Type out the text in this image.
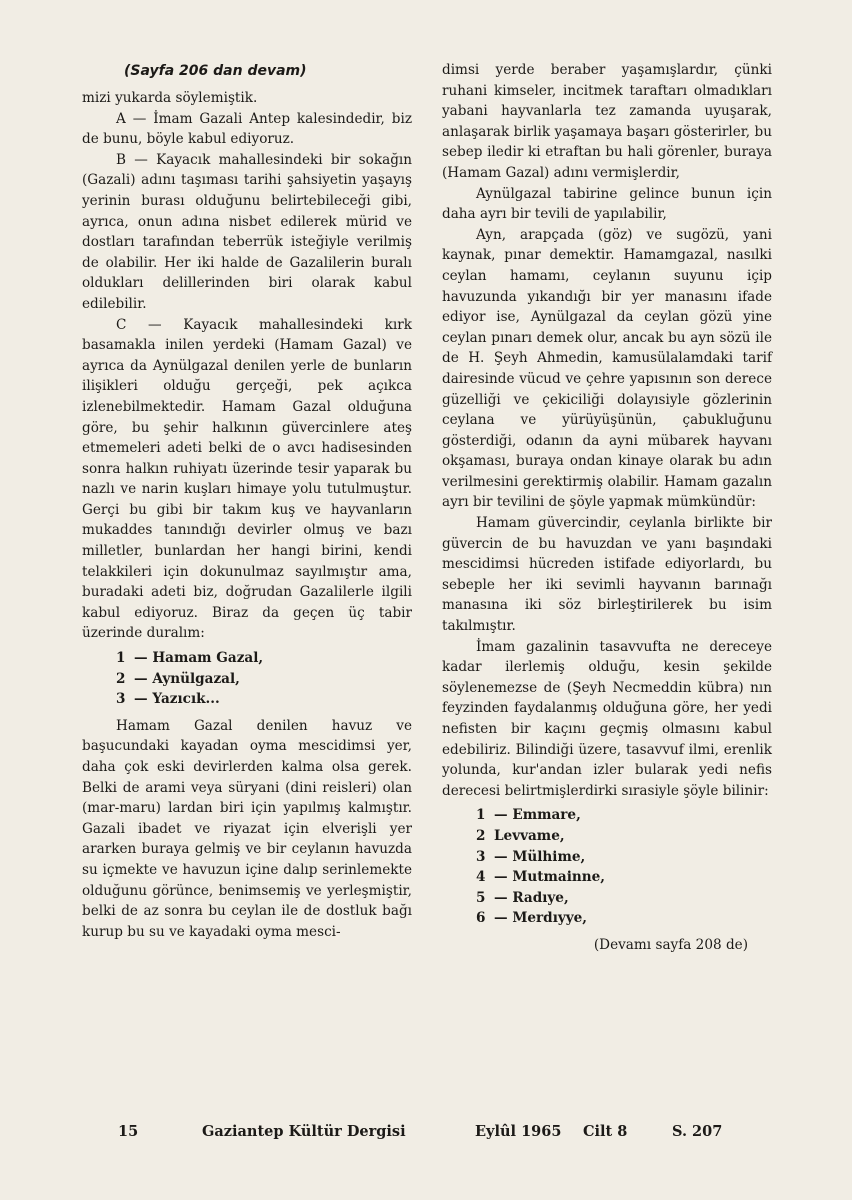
(Sayfa 206 dan devam)

mizi yukarda söylemiştik.

A — İmam Gazali Antep kalesindedir, biz de bunu, böyle kabul ediyoruz.

B — Kayacık mahallesindeki bir sokağın (Gazali) adını taşıması tarihi şahsiyetin yaşayış yerinin burası olduğunu belirtebileceği gibi, ayrıca, onun adına nisbet edilerek mürid ve dostları tarafından teberrük isteğiyle verilmiş de olabilir. Her iki halde de Gazalilerin buralı oldukları delillerinden biri olarak kabul edilebilir.

C — Kayacık mahallesindeki kırk basamakla inilen yerdeki (Hamam Gazal) ve ayrıca da Aynülgazal denilen yerle de bunların ilişikleri olduğu gerçeği, pek açıkca izlenebilmektedir. Hamam Gazal olduğuna göre, bu şehir halkının güvercinlere ateş etmemeleri adeti belki de o avcı hadisesinden sonra halkın ruhiyatı üzerinde tesir yaparak bu nazlı ve narin kuşları himaye yolu tutulmuştur. Gerçi bu gibi bir takım kuş ve hayvanların mukaddes tanındığı devirler olmuş ve bazı milletler, bunlardan her hangi birini, kendi telakkileri için dokunulmaz sayılmıştır ama, buradaki adeti biz, doğrudan Gazalilerle ilgili kabul ediyoruz. Biraz da geçen üç tabir üzerinde duralım:

1 — Hamam Gazal,
2 — Aynülgazal,
3 — Yazıcık...

Hamam Gazal denilen havuz ve başucundaki kayadan oyma mescidimsi yer, daha çok eski devirlerden kalma olsa gerek. Belki de arami veya süryani (dini reisleri) olan (mar-maru) lardan biri için yapılmış kalmıştır. Gazali ibadet ve riyazat için elverişli yer ararken buraya gelmiş ve bir ceylanın havuzda su içmekte ve havuzun içine dalıp serinlemekte olduğunu görünce, benimsemiş ve yerleşmiştir, belki de az sonra bu ceylan ile de dostluk bağı kurup bu su ve kayadaki oyma mesci-

dimsi yerde beraber yaşamışlardır, çünki ruhani kimseler, incitmek taraftarı olmadıkları yabani hayvanlarla tez zamanda uyuşarak, anlaşarak birlik yaşamaya başarı gösterirler, bu sebep iledir ki etraftan bu hali görenler, buraya (Hamam Gazal) adını vermişlerdir,

Aynülgazal tabirine gelince bunun için daha ayrı bir tevili de yapılabilir,

Ayn, arapçada (göz) ve sugözü, yani kaynak, pınar demektir. Hamamgazal, nasılki ceylan hamamı, ceylanın suyunu içip havuzunda yıkandığı bir yer manasını ifade ediyor ise, Aynülgazal da ceylan gözü yine ceylan pınarı demek olur, ancak bu ayn sözü ile de H. Şeyh Ahmedin, kamusülalamdaki tarif dairesinde vücud ve çehre yapısının son derece güzelliği ve çekiciliği dolayısiyle gözlerinin ceylana ve yürüyüşünün, çabukluğunu gösterdiği, odanın da ayni mübarek hayvanı okşaması, buraya ondan kinaye olarak bu adın verilmesini gerektirmiş olabilir. Hamam gazalın ayrı bir tevilini de şöyle yapmak mümkündür:

Hamam güvercindir, ceylanla birlikte bir güvercin de bu havuzdan ve yanı başındaki mescidimsi hücreden istifade ediyorlardı, bu sebeple her iki sevimli hayvanın barınağı manasına iki söz birleştirilerek bu isim takılmıştır.

İmam gazalinin tasavvufta ne dereceye kadar ilerlemiş olduğu, kesin şekilde söylenemezse de (Şeyh Necmeddin kübra) nın feyzinden faydalanmış olduğuna göre, her yedi nefisten bir kaçını geçmiş olmasını kabul edebiliriz. Bilindiği üzere, tasavvuf ilmi, erenlik yolunda, kur'andan izler bularak yedi nefis derecesi belirtmişlerdirki sırasiyle şöyle bilinir:

1 — Emmare,
2 Levvame,
3 — Mülhime,
4 — Mutmainne,
5 — Radıye,
6 — Merdıyye,

(Devamı sayfa 208 de)

15	Gaziantep Kültür Dergisi	Eylûl 1965 Cilt 8	S. 207
